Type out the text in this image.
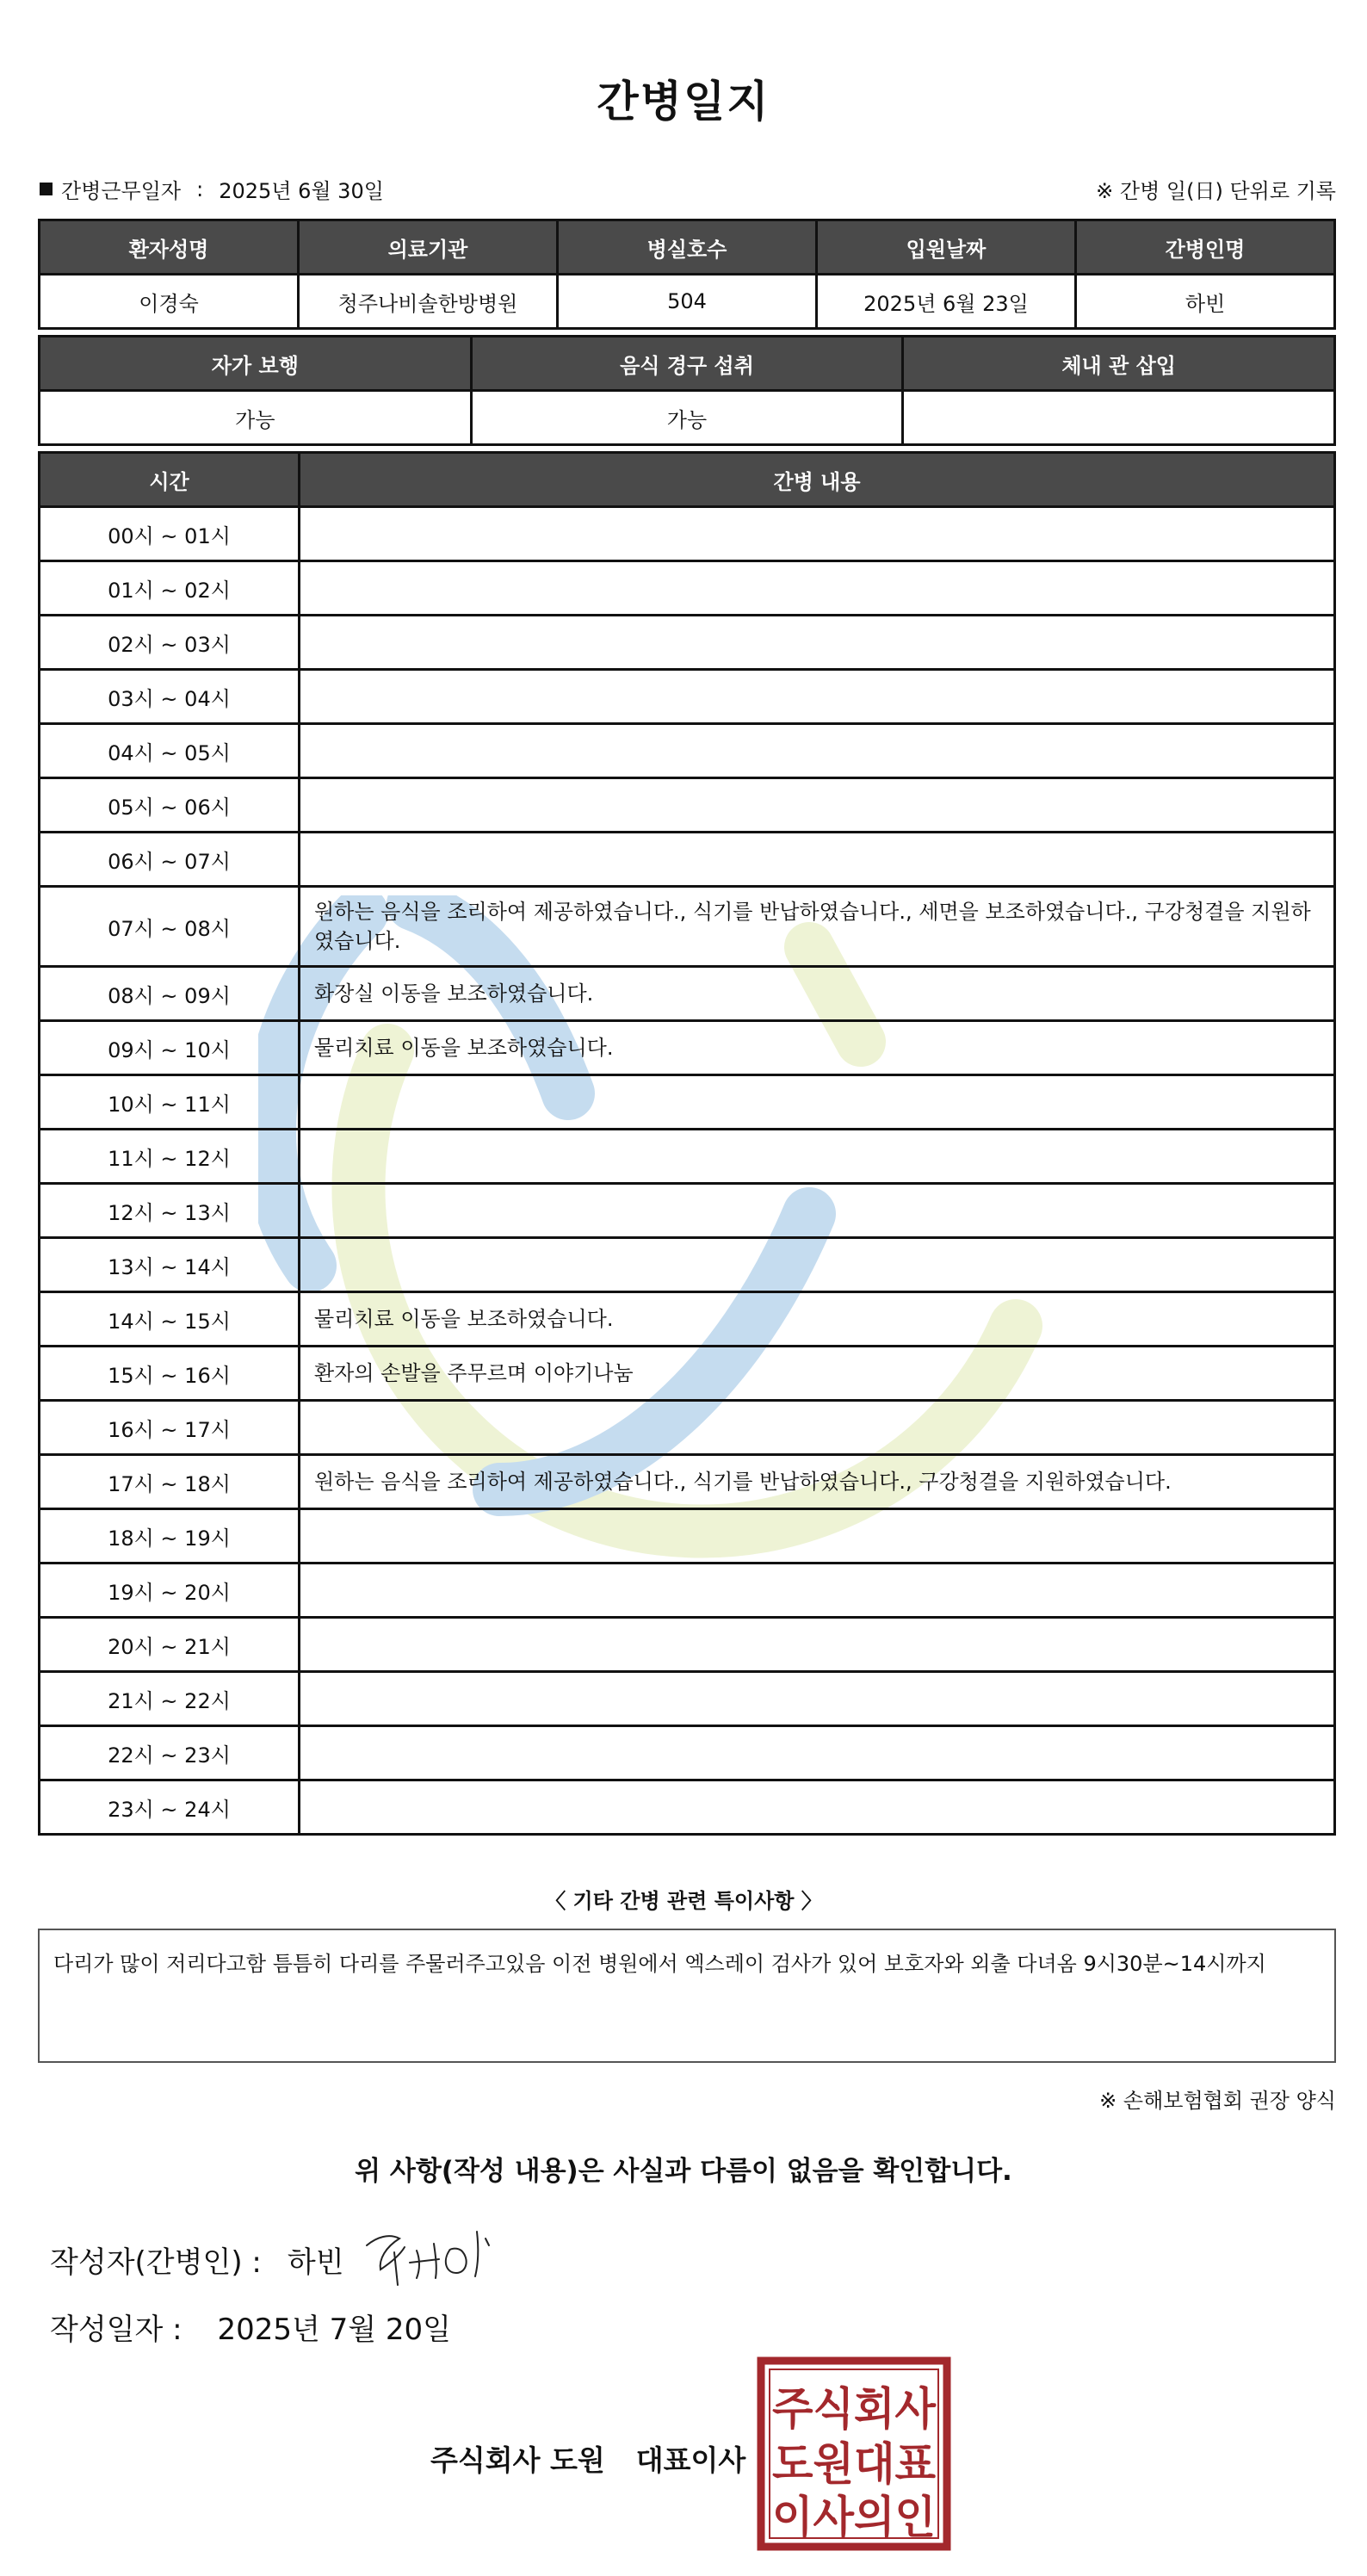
간병일지
간병근무일자 : 2025년 6월 30일	※ 간병 일(日) 단위로 기록
환자성명	의료기관	병실호수	입원날짜	간병인명
이경숙	청주나비솔한방병원	504	2025년 6월 23일	하빈
자가 보행	음식 경구 섭취	체내 관 삽입
가능	가능	
시간	간병 내용
00시 ~ 01시	
01시 ~ 02시	
02시 ~ 03시	
03시 ~ 04시	
04시 ~ 05시	
05시 ~ 06시	
06시 ~ 07시	
07시 ~ 08시	원하는 음식을 조리하여 제공하였습니다., 식기를 반납하였습니다., 세면을 보조하였습니다., 구강청결을 지원하였습니다.
08시 ~ 09시	화장실 이동을 보조하였습니다.
09시 ~ 10시	물리치료 이동을 보조하였습니다.
10시 ~ 11시	
11시 ~ 12시	
12시 ~ 13시	
13시 ~ 14시	
14시 ~ 15시	물리치료 이동을 보조하였습니다.
15시 ~ 16시	환자의 손발을 주무르며 이야기나눔
16시 ~ 17시	
17시 ~ 18시	원하는 음식을 조리하여 제공하였습니다., 식기를 반납하였습니다., 구강청결을 지원하였습니다.
18시 ~ 19시	
19시 ~ 20시	
20시 ~ 21시	
21시 ~ 22시	
22시 ~ 23시	
23시 ~ 24시	
〈 기타 간병 관련 특이사항 〉
다리가 많이 저리다고함 틈틈히 다리를 주물러주고있음 이전 병원에서 엑스레이 검사가 있어 보호자와 외출 다녀옴 9시30분~14시까지
※ 손해보험협회 권장 양식
위 사항(작성 내용)은 사실과 다름이 없음을 확인합니다.
작성자(간병인) : 하빈
작성일자 : 2025년 7월 20일
주식회사 도원 대표이사
주식회사
도원대표
이사의인
